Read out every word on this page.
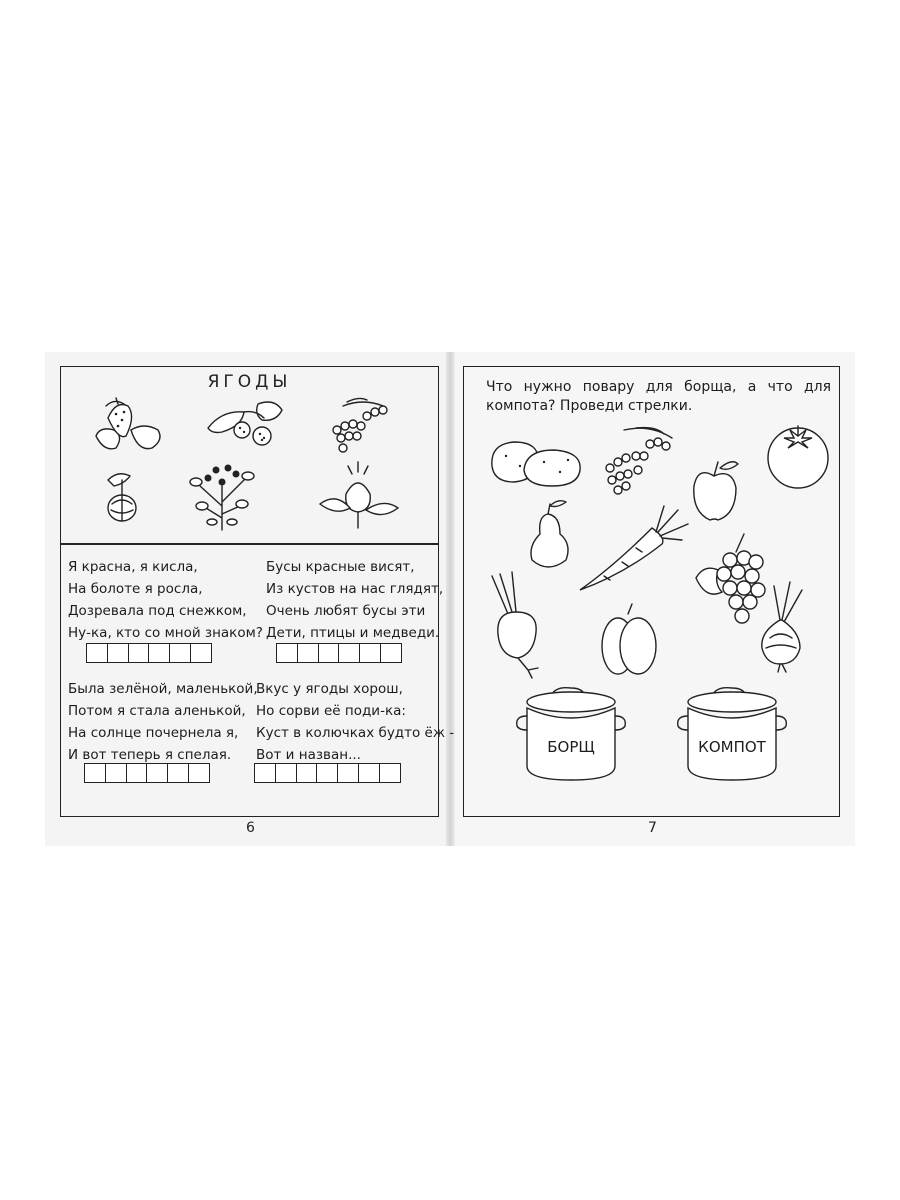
ЯГОДЫ
Я красна, я кисла,
На болоте я росла,
Дозревала под снежком,
Ну-ка, кто со мной знаком?
Бусы красные висят,
Из кустов на нас глядят,
Очень любят бусы эти
Дети, птицы и медведи.
Была зелёной, маленькой,
Потом я стала аленькой,
На солнце почернела я,
И вот теперь я спелая.
Вкус у ягоды хорош,
Но сорви её поди-ка:
Куст в колючках будто ёж -
Вот и назван...
6

Что нужно повару для борща, а что для компота? Проведи стрелки.

БОРЩ	КОМПОТ
7
